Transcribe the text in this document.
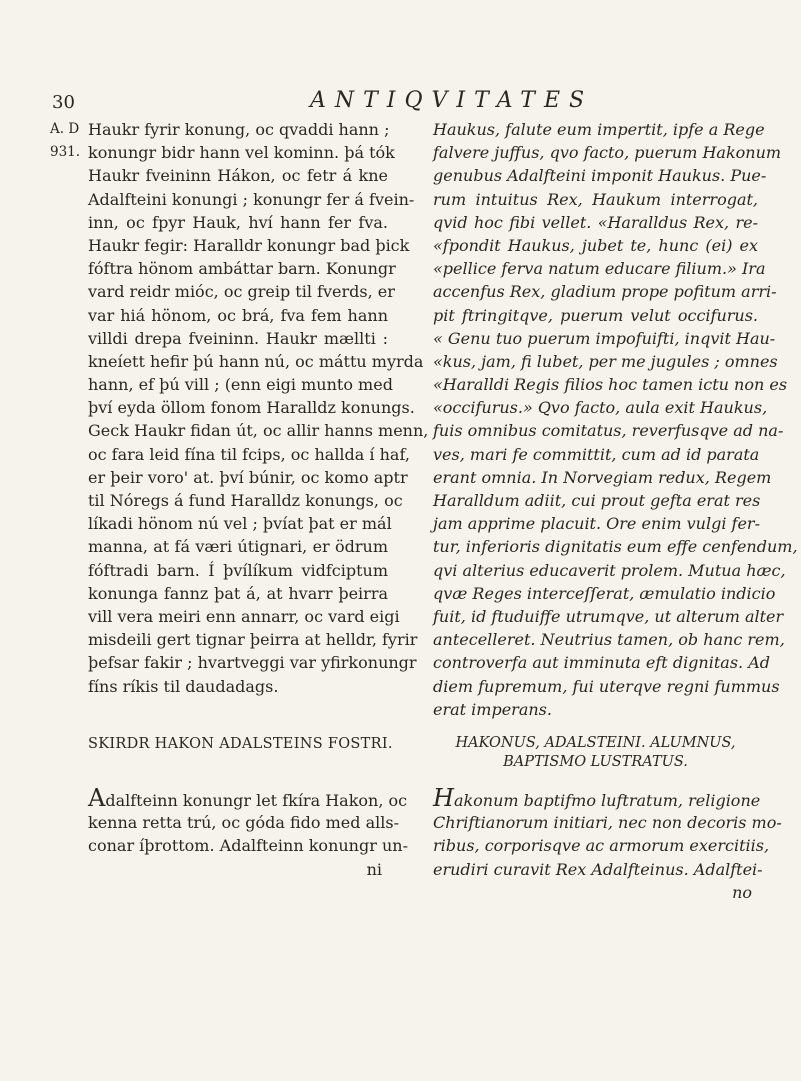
30	ANTIQVITATES
A. D
931.
Haukr fyrir konung, oc qvaddi hann ;
konungr bidr hann vel kominn. þá tók
Haukr fveininn Hákon, oc fetr á kne
Adalfteini konungi ; konungr fer á fvein-
inn, oc fpyr Hauk, hví hann fer fva.
Haukr fegir: Haralldr konungr bad þick
fóftra hönom ambáttar barn. Konungr
vard reidr mióc, oc greip til fverds, er
var hiá hönom, oc brá, fva fem hann
villdi drepa fveininn. Haukr mællti :
kneíett hefir þú hann nú, oc máttu myrda
hann, ef þú vill ; (enn eigi munto med
því eyda öllom fonom Haralldz konungs.
Geck Haukr fidan út, oc allir hanns menn,
oc fara leid fína til fcips, oc hallda í haf,
er þeir voro' at. því búnir, oc komo aptr
til Nóregs á fund Haralldz konungs, oc
líkadi hönom nú vel ; þvíat þat er mál
manna, at fá væri útignari, er ödrum
fóftradi barn. Í þvílíkum vidfciptum
konunga fannz þat á, at hvarr þeirra
vill vera meiri enn annarr, oc vard eigi
misdeili gert tignar þeirra at helldr, fyrir
þefsar fakir ; hvartveggi var yfirkonungr
fíns ríkis til daudadags.
Haukus, falute eum impertit, ipfe a Rege
falvere juffus, qvo facto, puerum Hakonum
genubus Adalfteini imponit Haukus. Pue-
rum intuitus Rex, Haukum interrogat,
qvid hoc fibi vellet. «Haralldus Rex, re-
«fpondit Haukus, jubet te, hunc (ei) ex
«pellice ferva natum educare filium.» Ira
accenfus Rex, gladium prope pofitum arri-
pit ftringitqve, puerum velut occifurus.
« Genu tuo puerum impofuifti, inqvit Hau-
«kus, jam, fi lubet, per me jugules ; omnes
«Haralldi Regis filios hoc tamen ictu non es
«occifurus.» Qvo facto, aula exit Haukus,
fuis omnibus comitatus, reverfusqve ad na-
ves, mari fe committit, cum ad id parata
erant omnia. In Norvegiam redux, Regem
Haralldum adiit, cui prout gefta erat res
jam apprime placuit. Ore enim vulgi fer-
tur, inferioris dignitatis eum effe cenfendum,
qvi alterius educaverit prolem. Mutua hæc,
qvæ Reges interceſſerat, æmulatio indicio
fuit, id ftuduiffe utrumqve, ut alterum alter
antecelleret. Neutrius tamen, ob hanc rem,
controverfa aut imminuta eft dignitas. Ad
diem fupremum, fui uterqve regni fummus
erat imperans.
SKIRDR HAKON ADALSTEINS FOSTRI.	HAKONUS, ADALSTEINI. ALUMNUS,
BAPTISMO LUSTRATUS.
Adalfteinn konungr let fkíra Hakon, oc
kenna retta trú, oc góda fido med alls-
conar íþrottom. Adalfteinn konungr un-
ni
Hakonum baptifmo luftratum, religione
Chriftianorum initiari, nec non decoris mo-
ribus, corporisqve ac armorum exercitiis,
erudiri curavit Rex Adalfteinus. Adalftei-
no
